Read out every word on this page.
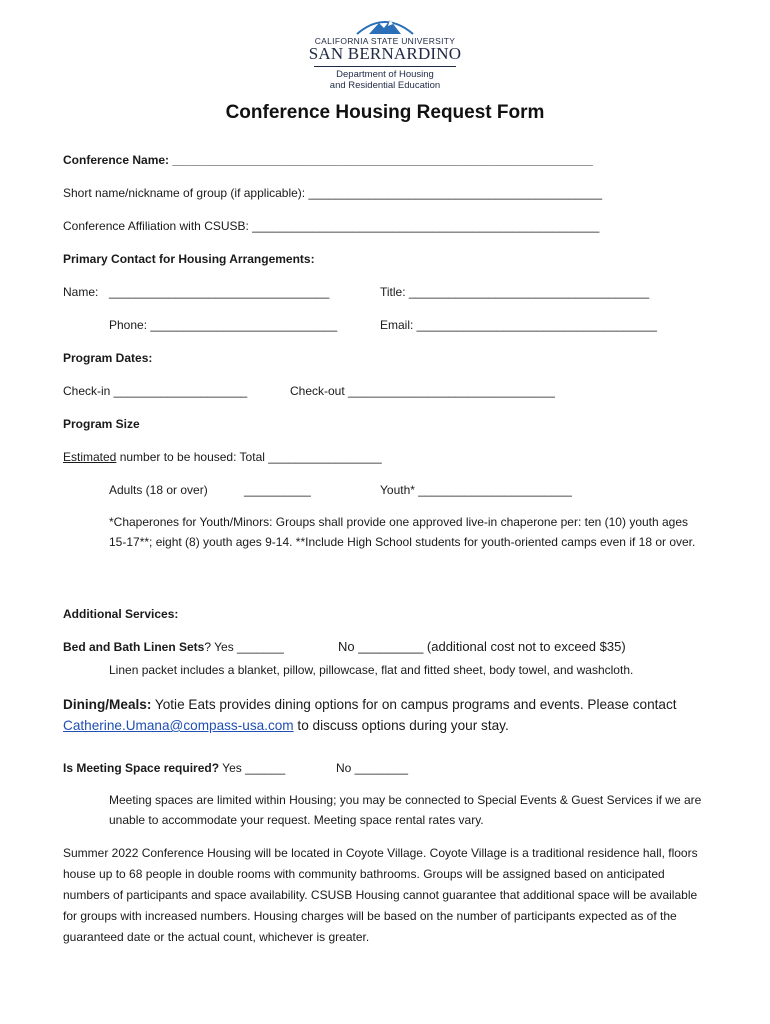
CALIFORNIA STATE UNIVERSITY
SAN BERNARDINO
Department of Housing
and Residential Education
Conference Housing Request Form
Conference Name: _______________________________________________________________
Short name/nickname of group (if applicable): ____________________________________________
Conference Affiliation with CSUSB: ____________________________________________________
Primary Contact for Housing Arrangements:
Name: _________________________________	Title: ____________________________________
Phone: ____________________________	Email: ____________________________________
Program Dates:
Check-in ____________________	Check-out _______________________________
Program Size
Estimated number to be housed: Total _________________
Adults (18 or over)	__________	Youth* _______________________
*Chaperones for Youth/Minors: Groups shall provide one approved live-in chaperone per: ten (10) youth ages 15-17**; eight (8) youth ages 9-14. **Include High School students for youth-oriented camps even if 18 or over.
Additional Services:
Bed and Bath Linen Sets? Yes _______	No _________ (additional cost not to exceed $35)
Linen packet includes a blanket, pillow, pillowcase, flat and fitted sheet, body towel, and washcloth.
Dining/Meals: Yotie Eats provides dining options for on campus programs and events. Please contact
Catherine.Umana@compass-usa.com to discuss options during your stay.
Is Meeting Space required? Yes ______	No ________
Meeting spaces are limited within Housing; you may be connected to Special Events & Guest Services if we are unable to accommodate your request. Meeting space rental rates vary.
Summer 2022 Conference Housing will be located in Coyote Village. Coyote Village is a traditional residence hall, floors house up to 68 people in double rooms with community bathrooms. Groups will be assigned based on anticipated numbers of participants and space availability. CSUSB Housing cannot guarantee that additional space will be available for groups with increased numbers. Housing charges will be based on the number of participants expected as of the guaranteed date or the actual count, whichever is greater.
